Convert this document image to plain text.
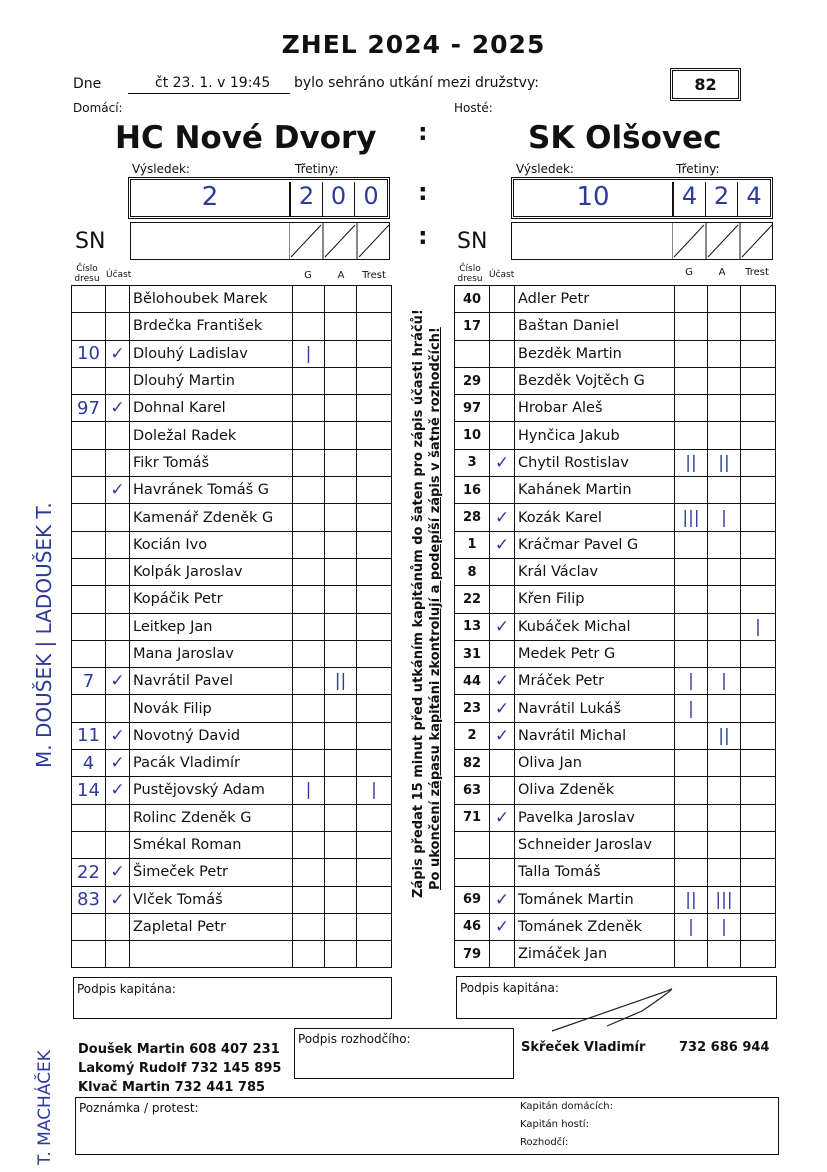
ZHEL 2024 - 2025
Dne	čt 23. 1. v 19:45 bylo sehráno utkání mezi družstvy:	82
Domácí:	Hosté:
HC Nové Dvory	SK Olšovec
:
:
:
Výsledek:	Třetiny:
2	2 0 0
SN
Výsledek:	Třetiny:
10	4 2 4
SN
Číslo dresu Účast	G	A	Trest
Číslo dresu Účast	G	A	Trest
		Bělohoubek Marek			
		Brdečka František			
10	✓	Dlouhý Ladislav	|		
		Dlouhý Martin			
97	✓	Dohnal Karel			
		Doležal Radek			
		Fikr Tomáš			
	✓	Havránek Tomáš G			
		Kamenář Zdeněk G			
		Kocián Ivo			
		Kolpák Jaroslav			
		Kopáčik Petr			
		Leitkep Jan			
		Mana Jaroslav			
7	✓	Navrátil Pavel		||	
		Novák Filip			
11	✓	Novotný David			
4	✓	Pacák Vladimír			
14	✓	Pustějovský Adam	|		|
		Rolinc Zdeněk G			
		Smékal Roman			
22	✓	Šimeček Petr			
83	✓	Vlček Tomáš			
		Zapletal Petr			

40		Adler Petr			
17		Baštan Daniel			
		Bezděk Martin			
29		Bezděk Vojtěch G			
97		Hrobar Aleš			
10		Hynčica Jakub			
3	✓	Chytil Rostislav	||	||	
16		Kahánek Martin			
28	✓	Kozák Karel	|||	|	
1	✓	Kráčmar Pavel G			
8		Král Václav			
22		Křen Filip			
13	✓	Kubáček Michal			|
31		Medek Petr G			
44	✓	Mráček Petr	|	|	
23	✓	Navrátil Lukáš	|		
2	✓	Navrátil Michal		||	
82		Oliva Jan			
63		Oliva Zdeněk			
71	✓	Pavelka Jaroslav			
		Schneider Jaroslav			
		Talla Tomáš			
69	✓	Tománek Martin	||	|||	
46	✓	Tománek Zdeněk	|	|	
79		Zimáček Jan			
Zápis předat 15 minut před utkáním kapitánům do šaten pro zápis účasti hráčů! Po ukončení zápasu kapitáni zkontrolují a podepíší zápis v šatně rozhodčích!
M. DOUŠEK | LADOUŠEK T.
T. MACHÁČEK
Podpis kapitána:	Podpis kapitána:
Doušek Martin 608 407 231
Lakomý Rudolf 732 145 895
Klvač Martin 732 441 785
Podpis rozhodčího:
Skřeček Vladimír	732 686 944
Poznámka / protest:	Kapitán domácích:
Kapitán hostí:
Rozhodčí:
